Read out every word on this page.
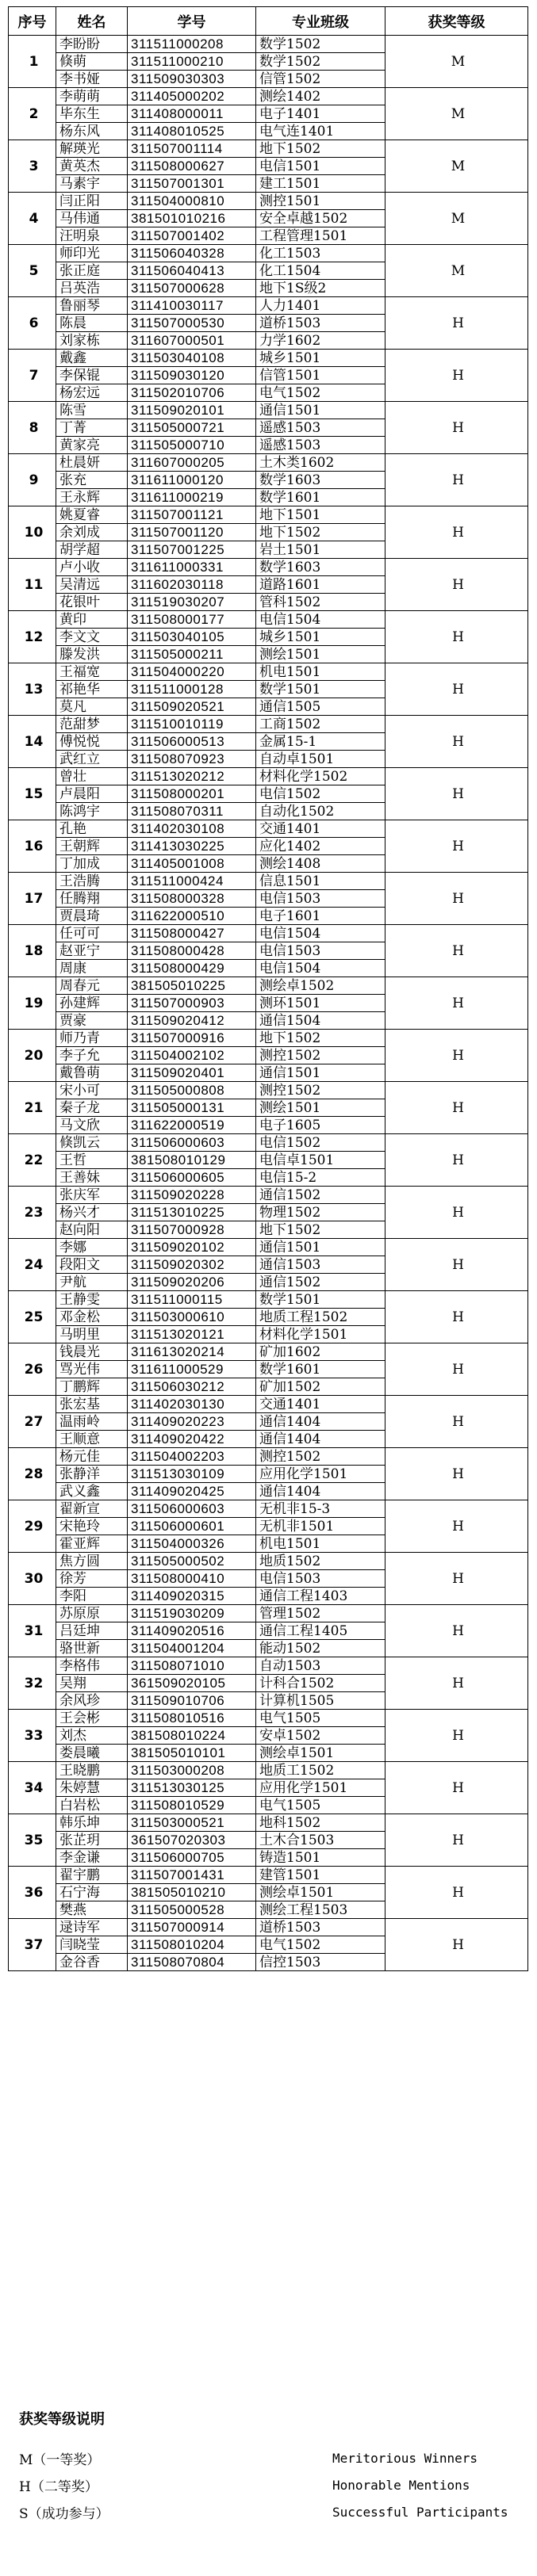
序号	姓名	学号	专业班级	获奖等级
1	李盼盼	311511000208	数学1502	M
	倏萌	311511000210	数学1502	
	李书娅	311509030303	信管1502	
2	李萌萌	311405000202	测绘1402	M
	毕东生	311408000011	电子1401	
	杨东风	311408010525	电气连1401	
3	解瑛光	311507001114	地下1502	M
	黄英杰	311508000627	电信1501	
	马素宇	311507001301	建工1501	
4	闫正阳	311504000810	测控1501	M
	马伟通	381501010216	安全卓越1502	
	汪明泉	311507001402	工程管理1501	
5	师印光	311506040328	化工1503	M
	张正庭	311506040413	化工1504	
	吕英浩	311507000628	地下1S级2	
6	鲁丽琴	311410030117	人力1401	H
	陈晨	311507000530	道桥1503	
	刘家栋	311607000501	力学1602	
7	戴鑫	311503040108	城乡1501	H
	李保锟	311509030120	信管1501	
	杨宏远	311502010706	电气1502	
8	陈雪	311509020101	通信1501	H
	丁菁	311505000721	遥感1503	
	黄家亮	311505000710	遥感1503	
9	杜晨妍	311607000205	土木类1602	H
	张充	311611000120	数学1603	
	王永辉	311611000219	数学1601	
10	姚夏睿	311507001121	地下1501	H
	余刘成	311507001120	地下1502	
	胡学超	311507001225	岩土1501	
11	卢小收	311611000331	数学1603	H
	吴清远	311602030118	道路1601	
	花银叶	311519030207	管科1502	
12	黄印	311508000177	电信1504	H
	李文文	311503040105	城乡1501	
	滕发洪	311505000211	测绘1501	
13	王福宽	311504000220	机电1501	H
	祁艳华	311511000128	数学1501	
	莫凡	311509020521	通信1505	
14	范甜梦	311510010119	工商1502	H
	傅悦悦	311506000513	金属15-1	
	武红立	311508070923	自动卓1501	
15	曾壮	311513020212	材料化学1502	H
	卢晨阳	311508000201	电信1502	
	陈鸿宇	311508070311	自动化1502	
16	孔艳	311402030108	交通1401	H
	王朝辉	311413030225	应化1402	
	丁加成	311405001008	测绘1408	
17	王浩腾	311511000424	信息1501	H
	任腾翔	311508000328	电信1503	
	贾晨琦	311622000510	电子1601	
18	任可可	311508000427	电信1504	H
	赵亚宁	311508000428	电信1503	
	周康	311508000429	电信1504	
19	周春元	381505010225	测绘卓1502	H
	孙建辉	311507000903	测环1501	
	贾豪	311509020412	通信1504	
20	师乃青	311507000916	地下1502	H
	李子允	311504002102	测控1502	
	戴鲁萌	311509020401	通信1501	
21	宋小可	311505000808	测控1502	H
	秦子龙	311505000131	测绘1501	
	马文欣	311622000519	电子1605	
22	倏凯云	311506000603	电信1502	H
	王哲	381508010129	电信卓1501	
	王善妹	311506000605	电信15-2	
23	张庆军	311509020228	通信1502	H
	杨兴才	311513010225	物理1502	
	赵向阳	311507000928	地下1502	
24	李娜	311509020102	通信1501	H
	段阳文	311509020302	通信1503	
	尹航	311509020206	通信1502	
25	王静雯	311511000115	数学1501	H
	邓金松	311503000610	地质工程1502	
	马明里	311513020121	材料化学1501	
26	钱晨光	311613020214	矿加1602	H
	骂光伟	311611000529	数学1601	
	丁鹏辉	311506030212	矿加1502	
27	张宏基	311402030130	交通1401	H
	温雨岭	311409020223	通信1404	
	王顺意	311409020422	通信1404	
28	杨元佳	311504002203	测控1502	H
	张静洋	311513030109	应用化学1501	
	武义鑫	311409020425	通信1404	
29	翟新宣	311506000603	无机非15-3	H
	宋艳玲	311506000601	无机非1501	
	霍亚辉	311504000326	机电1501	
30	焦方圆	311505000502	地质1502	H
	徐芳	311508000410	电信1503	
	李阳	311409020315	通信工程1403	
31	苏原原	311519030209	管理1502	H
	吕廷坤	311409020516	通信工程1405	
	骆世新	311504001204	能动1502	
32	李格伟	311508071010	自动1503	H
	吴翔	361509020105	计科合1502	
	余风珍	311509010706	计算机1505	
33	王会彬	311508010516	电气1505	H
	刘杰	381508010224	安卓1502	
	娄晨曦	381505010101	测绘卓1501	
34	王晓鹏	311503000208	地质工1502	H
	朱婷慧	311513030125	应用化学1501	
	白岩松	311508010529	电气1505	
35	韩乐坤	311503000521	地科1502	H
	张芷玥	361507020303	土木合1503	
	李金谦	311506000705	铸造1501	
36	翟宇鹏	311507001431	建管1501	H
	石宁海	381505010210	测绘卓1501	
	樊燕	311505000528	测绘工程1503	
37	逯诗军	311507000914	道桥1503	H
	闫晓莹	311508010204	电气1502	
	金谷香	311508070804	信控1503	
获奖等级说明
M（一等奖）	Meritorious Winners
H（二等奖）	Honorable Mentions
S（成功参与）	Successful Participants
